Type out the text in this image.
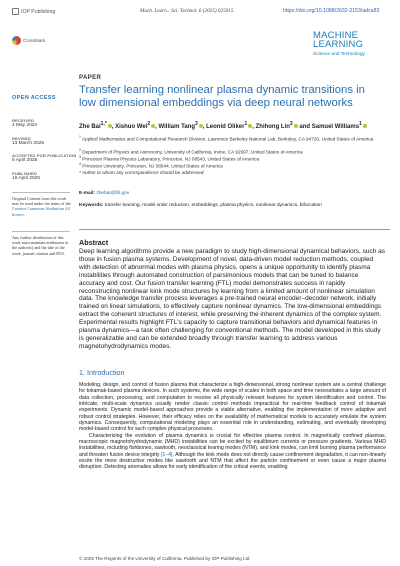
IOP Publishing	Mach. Learn.: Sci. Technol. 6 (2025) 025015	https://doi.org/10.1088/2632-2153/adca83
MACHINE
LEARNING
Science and Technology
CrossMark
OPEN ACCESS
RECEIVED
4 May 2024
REVISED
13 March 2025
ACCEPTED FOR PUBLICATION
8 April 2025
PUBLISHED
16 April 2025
Original Content from this work may be used under the terms of the Creative Commons Attribution 4.0 licence.
Any further distribution of this work must maintain attribution to the author(s) and the title of the work, journal citation and DOI.
PAPER
Transfer learning nonlinear plasma dynamic transitions in low dimensional embeddings via deep neural networks
Zhe Bai$^{1,*}$ , Xishuo Wei$^2$ , William Tang$^3$ , Leonid Oliker$^1$ , Zhihong Lin$^2$ and Samuel Williams$^1$
$^1$ Applied Mathematics and Computational Research Division, Lawrence Berkeley National Lab, Berkeley, CA 94720, United States of America
$^2$ Department of Physics and Astronomy, University of California, Irvine, CA 92697, United States of America
$^3$ Princeton Plasma Physics Laboratory, Princeton, NJ 08543, United States of America
$^4$ Princeton University, Princeton, NJ 08544, United States of America
* Author to whom any correspondence should be addressed.
E-mail: zhebai@lbl.gov
Keywords: transfer learning, model order reduction, embeddings, plasma physics, nonlinear dynamics, bifurcation
Abstract
Deep learning algorithms provide a new paradigm to study high-dimensional dynamical behaviors, such as those in fusion plasma systems. Development of novel, data-driven model reduction methods, coupled with detection of abnormal modes with plasma physics, opens a unique opportunity to identify plasma instabilities through automated construction of parsimonious models that can be tuned to balance accuracy and cost. Our fusion transfer learning (FTL) model demonstrates success in rapidly reconstructing nonlinear kink mode structures by learning from a limited amount of nonlinear simulation data. The knowledge transfer process leverages a pre-trained neural encoder–decoder network, initially trained on linear simulations, to effectively capture nonlinear dynamics. The low-dimensional embeddings extract the coherent structures of interest, while preserving the inherent dynamics of the complex system. Experimental results highlight FTL's capacity to capture transitional behaviors and dynamical features in plasma dynamics—a task often challenging for conventional methods. The model developed in this study is generalizable and can be extended broadly through transfer learning to address various magnetohydrodynamics modes.
1. Introduction

Modeling, design, and control of fusion plasma that characterize a high-dimensional, strong nonlinear system are a central challenge for tokamak-based plasma devices. In such systems, the wide range of scales in both space and time necessitates a large amount of data collection, processing, and computation to resolve all physically relevant features for system identification and control. The intricate, multi-scale dynamics usually render classic control methods impractical for real-time feedback control of tokamak experiments. Dynamic model-based approaches provide a viable alternative, enabling the implementation of more adaptive and robust control strategies. However, their efficacy relies on the availability of mathematical models to accurately emulate the system dynamics. Consequently, computational modeling plays an essential role in understanding, estimating, and eventually developing model-based control for such complex physical processes.

Characterizing the evolution of plasma dynamics is crucial for effective plasma control. In magnetically confined plasmas, macroscopic magnetohydrodynamic (MHD) instabilities can be excited by equilibrium currents or pressure gradients. Various MHD instabilities, including fishbones, sawtooth, neoclassical tearing modes (NTM), and kink modes, can limit burning plasma performance and threaten fusion device integrity [1–4]. Although the kink mode does not directly cause confinement degradation, it can non-linearly excite the more destructive modes like sawtooth and NTM that affect the particle confinement or even cause a major plasma disruption. Detecting anomalies allows for early identification of the critical events, enabling

© 2025 The Regents of the University of California. Published by IOP Publishing Ltd
